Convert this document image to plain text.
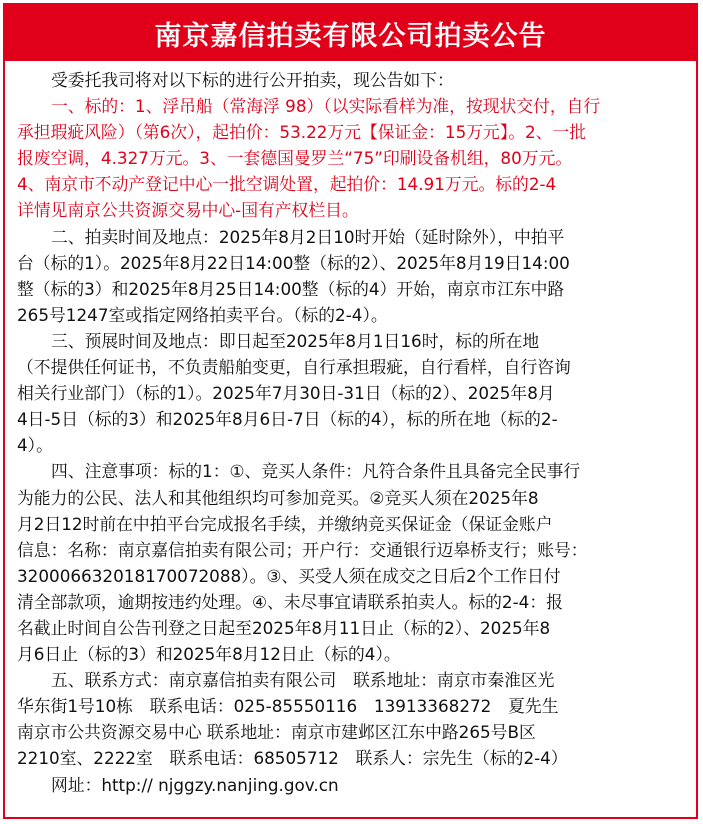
南京嘉信拍卖有限公司拍卖公告
受委托我司将对以下标的进行公开拍卖，现公告如下：
一、标的：1、浮吊船（常海浮 98）（以实际看样为准，按现状交付，自行
承担瑕疵风险）（第6次），起拍价：53.22万元【保证金：15万元】。2、一批
报废空调，4.327万元。3、一套德国曼罗兰“75”印刷设备机组，80万元。
4、南京市不动产登记中心一批空调处置，起拍价：14.91万元。标的2-4
详情见南京公共资源交易中心-国有产权栏目。
二、拍卖时间及地点：2025年8月2日10时开始（延时除外），中拍平
台（标的1）。2025年8月22日14:00整（标的2）、2025年8月19日14:00
整（标的3）和2025年8月25日14:00整（标的4）开始，南京市江东中路
265号1247室或指定网络拍卖平台。（标的2-4）。
三、预展时间及地点：即日起至2025年8月1日16时，标的所在地
（不提供任何证书，不负责船舶变更，自行承担瑕疵，自行看样，自行咨询
相关行业部门）（标的1）。2025年7月30日-31日（标的2）、2025年8月
4日-5日（标的3）和2025年8月6日-7日（标的4），标的所在地（标的2-
4）。
四、注意事项：标的1：①、竞买人条件：凡符合条件且具备完全民事行
为能力的公民、法人和其他组织均可参加竞买。②竞买人须在2025年8
月2日12时前在中拍平台完成报名手续，并缴纳竞买保证金（保证金账户
信息：名称：南京嘉信拍卖有限公司；开户行：交通银行迈皋桥支行；账号：
320006632018170072088）。③、买受人须在成交之日后2个工作日付
清全部款项，逾期按违约处理。④、未尽事宜请联系拍卖人。标的2-4：报
名截止时间自公告刊登之日起至2025年8月11日止（标的2）、2025年8
月6日止（标的3）和2025年8月12日止（标的4）。
五、联系方式：南京嘉信拍卖有限公司　联系地址：南京市秦淮区光
华东街1号10栋　联系电话：025-85550116　13913368272　夏先生
南京市公共资源交易中心 联系地址：南京市建邺区江东中路265号B区
2210室、2222室　联系电话：68505712　联系人：宗先生（标的2-4）
网址：http:// njggzy.nanjing.gov.cn
